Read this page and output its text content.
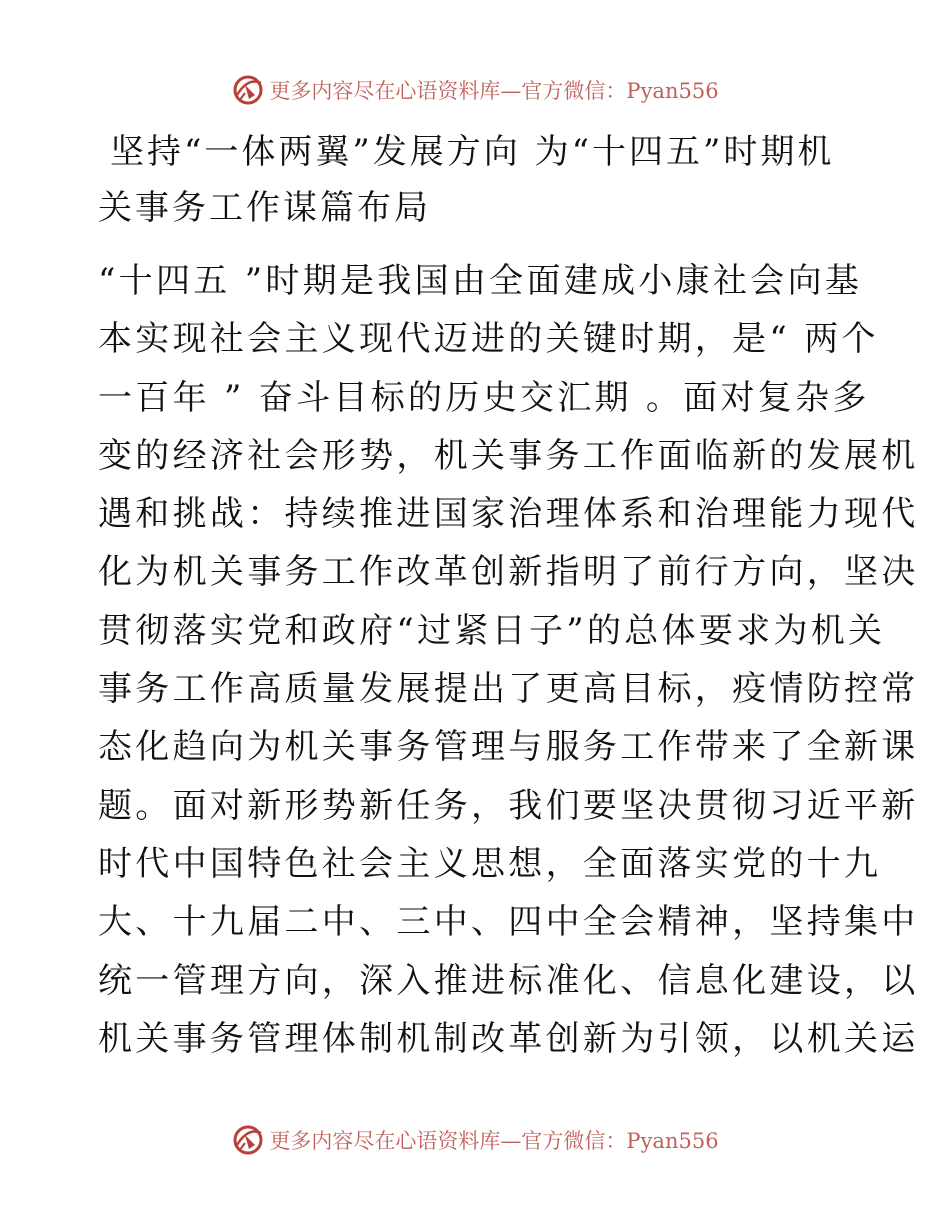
更多内容尽在心语资料库—官方微信：Pyan556
坚持“一体两翼”发展方向 为“十四五”时期机
关事务工作谋篇布局
“十四五 ”时期是我国由全面建成小康社会向基
本实现社会主义现代迈进的关键时期，是“ 两个
一百年 ” 奋斗目标的历史交汇期 。面对复杂多
变的经济社会形势，机关事务工作面临新的发展机
遇和挑战：持续推进国家治理体系和治理能力现代
化为机关事务工作改革创新指明了前行方向，坚决
贯彻落实党和政府“过紧日子”的总体要求为机关
事务工作高质量发展提出了更高目标，疫情防控常
态化趋向为机关事务管理与服务工作带来了全新课
题。面对新形势新任务，我们要坚决贯彻习近平新
时代中国特色社会主义思想，全面落实党的十九
大、十九届二中、三中、四中全会精神，坚持集中
统一管理方向，深入推进标准化、信息化建设，以
机关事务管理体制机制改革创新为引领，以机关运
更多内容尽在心语资料库—官方微信：Pyan556
